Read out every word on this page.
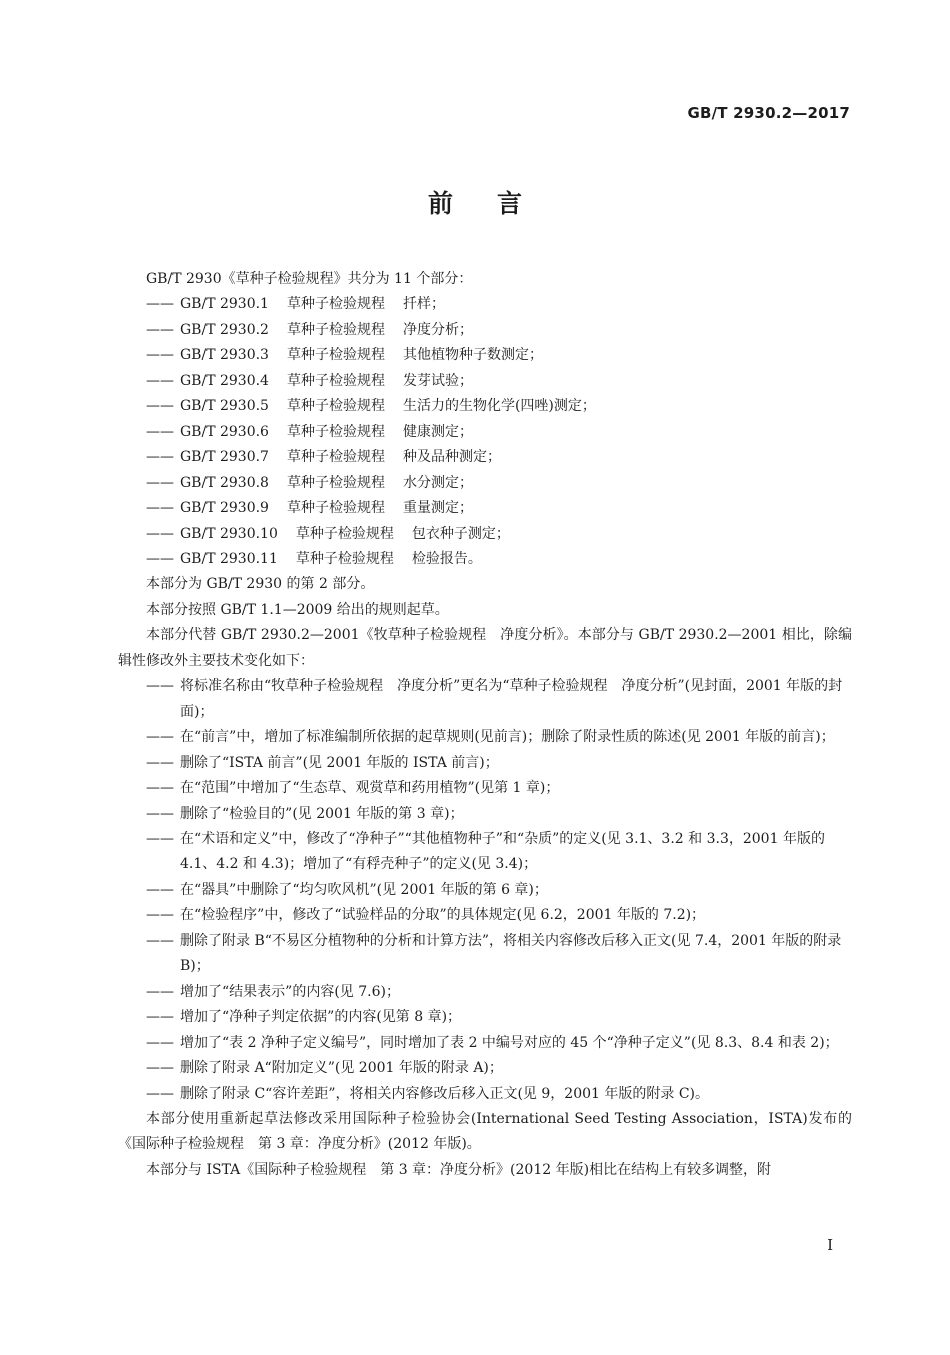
GB/T 2930.2—2017
前言

GB/T 2930《草种子检验规程》共分为 11 个部分：

—— GB/T 2930.1 草种子检验规程 扦样；

—— GB/T 2930.2 草种子检验规程 净度分析；

—— GB/T 2930.3 草种子检验规程 其他植物种子数测定；

—— GB/T 2930.4 草种子检验规程 发芽试验；

—— GB/T 2930.5 草种子检验规程 生活力的生物化学(四唑)测定；

—— GB/T 2930.6 草种子检验规程 健康测定；

—— GB/T 2930.7 草种子检验规程 种及品种测定；

—— GB/T 2930.8 草种子检验规程 水分测定；

—— GB/T 2930.9 草种子检验规程 重量测定；

—— GB/T 2930.10 草种子检验规程 包衣种子测定；

—— GB/T 2930.11 草种子检验规程 检验报告。

本部分为 GB/T 2930 的第 2 部分。

本部分按照 GB/T 1.1—2009 给出的规则起草。

本部分代替 GB/T 2930.2—2001《牧草种子检验规程　净度分析》。本部分与 GB/T 2930.2—2001 相比，除编辑性修改外主要技术变化如下：

—— 将标准名称由“牧草种子检验规程　净度分析”更名为“草种子检验规程　净度分析”(见封面，2001 年版的封面)；

—— 在“前言”中，增加了标准编制所依据的起草规则(见前言)；删除了附录性质的陈述(见 2001 年版的前言)；

—— 删除了“ISTA 前言”(见 2001 年版的 ISTA 前言)；

—— 在“范围”中增加了“生态草、观赏草和药用植物”(见第 1 章)；

—— 删除了“检验目的”(见 2001 年版的第 3 章)；

—— 在“术语和定义”中，修改了“净种子”“其他植物种子”和“杂质”的定义(见 3.1、3.2 和 3.3，2001 年版的 4.1、4.2 和 4.3)；增加了“有稃壳种子”的定义(见 3.4)；

—— 在“器具”中删除了“均匀吹风机”(见 2001 年版的第 6 章)；

—— 在“检验程序”中，修改了“试验样品的分取”的具体规定(见 6.2，2001 年版的 7.2)；

—— 删除了附录 B“不易区分植物种的分析和计算方法”，将相关内容修改后移入正文(见 7.4，2001 年版的附录 B)；

—— 增加了“结果表示”的内容(见 7.6)；

—— 增加了“净种子判定依据”的内容(见第 8 章)；

—— 增加了“表 2 净种子定义编号”，同时增加了表 2 中编号对应的 45 个“净种子定义”(见 8.3、8.4 和表 2)；

—— 删除了附录 A“附加定义”(见 2001 年版的附录 A)；

—— 删除了附录 C“容许差距”，将相关内容修改后移入正文(见 9，2001 年版的附录 C)。

本部分使用重新起草法修改采用国际种子检验协会(International Seed Testing Association，ISTA)发布的《国际种子检验规程　第 3 章：净度分析》(2012 年版)。

本部分与 ISTA《国际种子检验规程　第 3 章：净度分析》(2012 年版)相比在结构上有较多调整，附

I
